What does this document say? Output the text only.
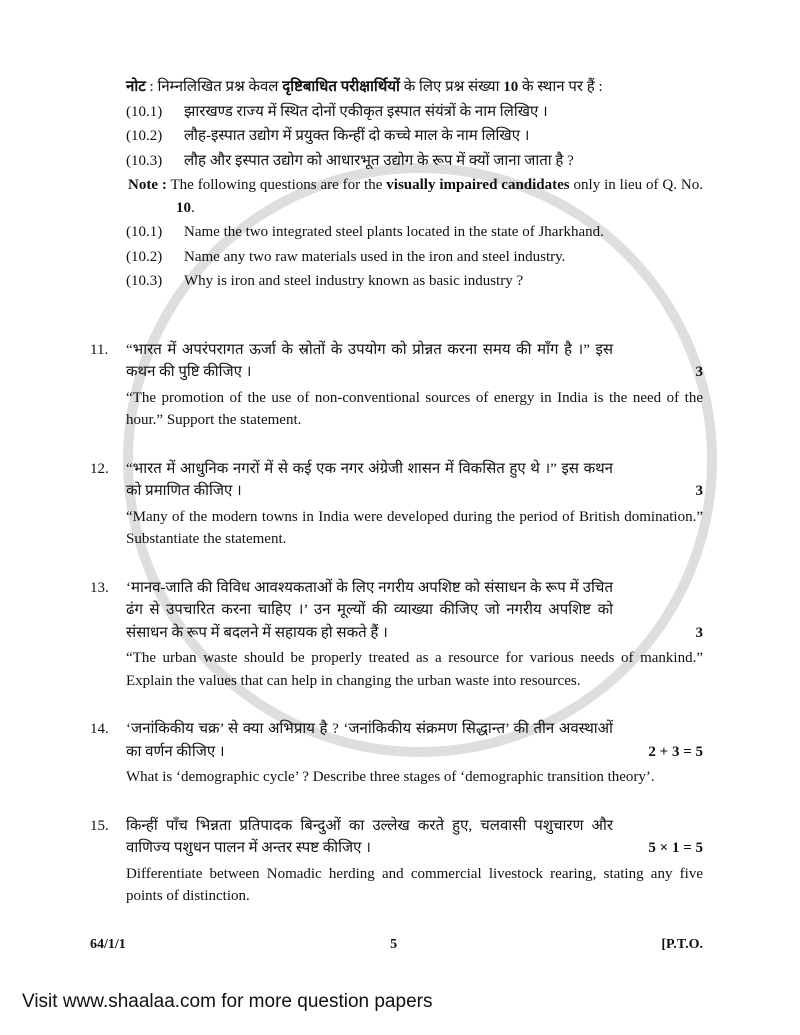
नोट : निम्नलिखित प्रश्न केवल दृष्टिबाधित परीक्षार्थियों के लिए प्रश्न संख्या 10 के स्थान पर हैं :
(10.1)	झारखण्ड राज्य में स्थित दोनों एकीकृत इस्पात संयंत्रों के नाम लिखिए ।
(10.2)	लौह-इस्पात उद्योग में प्रयुक्त किन्हीं दो कच्चे माल के नाम लिखिए ।
(10.3)	लौह और इस्पात उद्योग को आधारभूत उद्योग के रूप में क्यों जाना जाता है ?
Note : The following questions are for the visually impaired candidates only in lieu of Q. No. 10.
(10.1)	Name the two integrated steel plants located in the state of Jharkhand.
(10.2)	Name any two raw materials used in the iron and steel industry.
(10.3)	Why is iron and steel industry known as basic industry ?
11.	“भारत में अपरंपरागत ऊर्जा के स्रोतों के उपयोग को प्रोन्नत करना समय की माँग है ।” इस कथन की पुष्टि कीजिए ।	3
“The promotion of the use of non-conventional sources of energy in India is the need of the hour.” Support the statement.
12.	“भारत में आधुनिक नगरों में से कई एक नगर अंग्रेजी शासन में विकसित हुए थे ।” इस कथन को प्रमाणित कीजिए ।	3
“Many of the modern towns in India were developed during the period of British domination.” Substantiate the statement.
13.	‘मानव-जाति की विविध आवश्यकताओं के लिए नगरीय अपशिष्ट को संसाधन के रूप में उचित ढंग से उपचारित करना चाहिए ।’ उन मूल्यों की व्याख्या कीजिए जो नगरीय अपशिष्ट को संसाधन के रूप में बदलने में सहायक हो सकते हैं ।	3
“The urban waste should be properly treated as a resource for various needs of mankind.” Explain the values that can help in changing the urban waste into resources.
14.	‘जनांकिकीय चक्र’ से क्या अभिप्राय है ? ‘जनांकिकीय संक्रमण सिद्धान्त’ की तीन अवस्थाओं का वर्णन कीजिए ।	2 + 3 = 5
What is ‘demographic cycle’ ? Describe three stages of ‘demographic transition theory’.
15.	किन्हीं पाँच भिन्नता प्रतिपादक बिन्दुओं का उल्लेख करते हुए, चलवासी पशुचारण और वाणिज्य पशुधन पालन में अन्तर स्पष्ट कीजिए ।	5 × 1 = 5
Differentiate between Nomadic herding and commercial livestock rearing, stating any five points of distinction.
64/1/1	5	[P.T.O.
Visit www.shaalaa.com for more question papers
